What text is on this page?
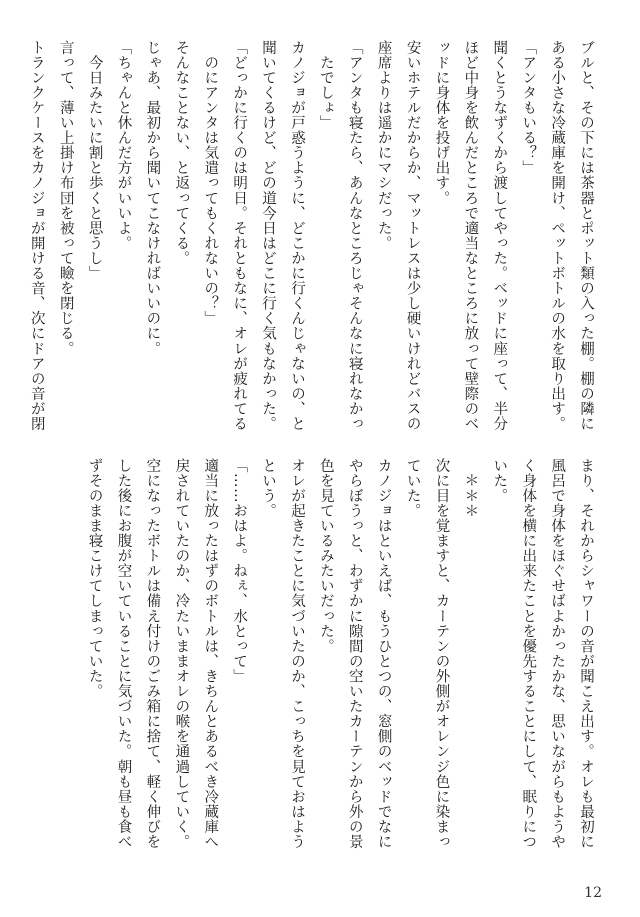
ブルと、その下には茶器とポット類の入った棚。棚の隣に
ある小さな冷蔵庫を開け、ペットボトルの水を取り出す。
「アンタもいる？」
聞くとうなずくから渡してやった。ベッドに座って、半分
ほど中身を飲んだところで適当なところに放って壁際のベ
ッドに身体を投げ出す。
安いホテルだからか、マットレスは少し硬いけれどバスの
座席よりは遥かにマシだった。
「アンタも寝たら、あんなところじゃそんなに寝れなかっ
　たでしょ」
カノジョが戸惑うように、どこかに行くんじゃないの、と
聞いてくるけど、どの道今日はどこに行く気もなかった。
「どっかに行くのは明日。それともなに、オレが疲れてる
　のにアンタは気遣ってもくれないの？」
そんなことない、と返ってくる。
じゃあ、最初から聞いてこなければいいのに。
「ちゃんと休んだ方がいいよ。
　今日みたいに割と歩くと思うし」
言って、薄い上掛け布団を被って瞼を閉じる。
トランクケースをカノジョが開ける音、次にドアの音が閉
まり、それからシャワーの音が聞こえ出す。オレも最初に
風呂で身体をほぐせばよかったかな、思いながらもようや
く身体を横に出来たことを優先することにして、眠りにつ
いた。
　＊＊＊
次に目を覚ますと、カーテンの外側がオレンジ色に染まっ
ていた。
カノジョはといえば、もうひとつの、窓側のベッドでなに
やらぼうっと、わずかに隙間の空いたカーテンから外の景
色を見ているみたいだった。
オレが起きたことに気づいたのか、こっちを見ておはよう
という。
「……おはよ。ねぇ、水とって」
適当に放ったはずのボトルは、きちんとあるべき冷蔵庫へ
戻されていたのか、冷たいままオレの喉を通過していく。
空になったボトルは備え付けのごみ箱に捨て、軽く伸びを
した後にお腹が空いていることに気づいた。朝も昼も食べ
ずそのまま寝こけてしまっていた。
12
